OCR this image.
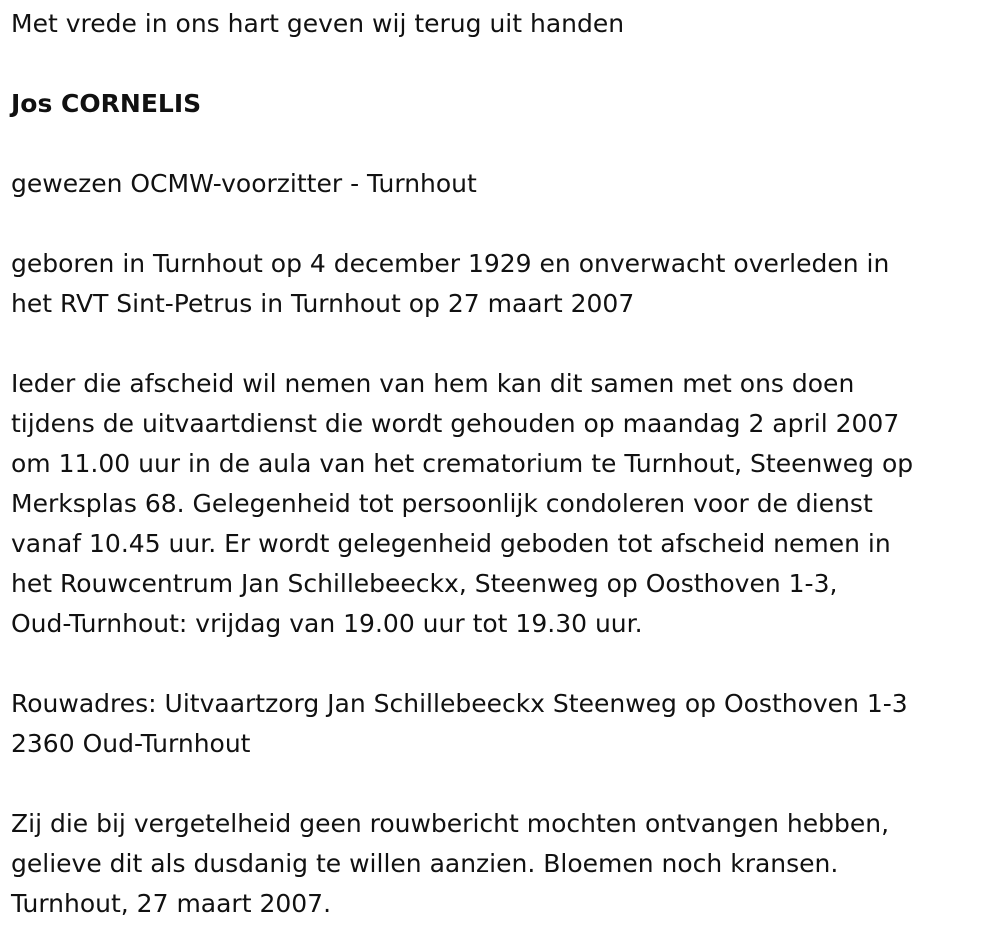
Met vrede in ons hart geven wij terug uit handen

Jos CORNELIS

gewezen OCMW-voorzitter - Turnhout

geboren in Turnhout op 4 december 1929 en onverwacht overleden in
het RVT Sint-Petrus in Turnhout op 27 maart 2007

Ieder die afscheid wil nemen van hem kan dit samen met ons doen
tijdens de uitvaartdienst die wordt gehouden op maandag 2 april 2007
om 11.00 uur in de aula van het crematorium te Turnhout, Steenweg op
Merksplas 68. Gelegenheid tot persoonlijk condoleren voor de dienst
vanaf 10.45 uur. Er wordt gelegenheid geboden tot afscheid nemen in
het Rouwcentrum Jan Schillebeeckx, Steenweg op Oosthoven 1-3,
Oud-Turnhout: vrijdag van 19.00 uur tot 19.30 uur.

Rouwadres: Uitvaartzorg Jan Schillebeeckx Steenweg op Oosthoven 1-3
2360 Oud-Turnhout

Zij die bij vergetelheid geen rouwbericht mochten ontvangen hebben,
gelieve dit als dusdanig te willen aanzien. Bloemen noch kransen.
Turnhout, 27 maart 2007.
